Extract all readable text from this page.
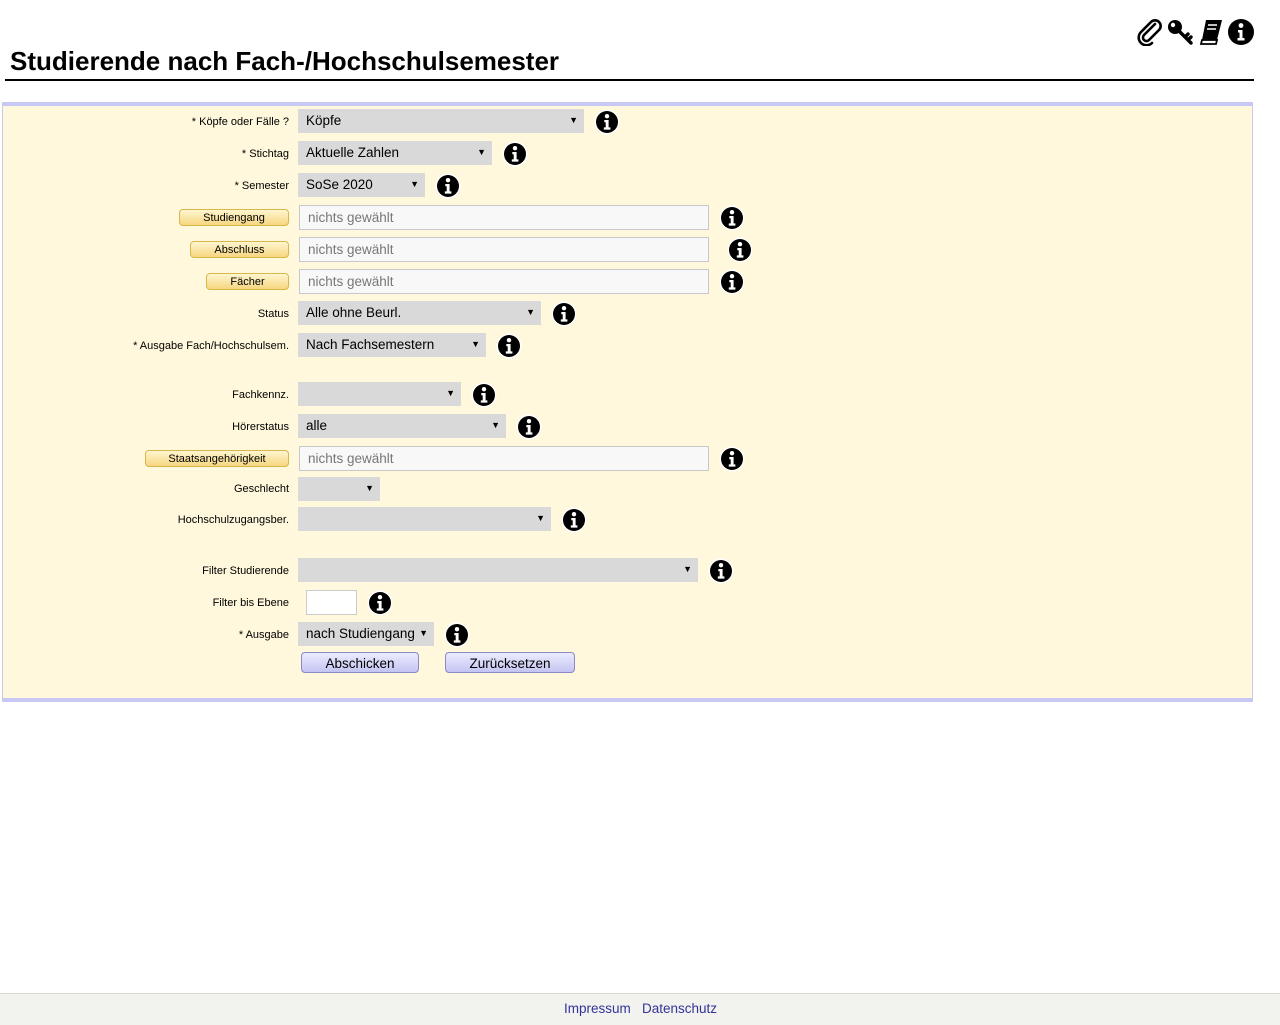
Studierende nach Fach-/Hochschulsemester
* Köpfe oder Fälle ?	Köpfe	▼
* Stichtag	Aktuelle Zahlen	▼
* Semester	SoSe 2020	▼
Studiengang	nichts gewählt
Abschluss	nichts gewählt
Fächer	nichts gewählt
Status	Alle ohne Beurl.	▼
* Ausgabe Fach/Hochschulsem.	Nach Fachsemestern	▼
Fachkennz.	▼
Hörerstatus	alle	▼
Staatsangehörigkeit	nichts gewählt
Geschlecht	▼
Hochschulzugangsber.	▼
Filter Studierende	▼
Filter bis Ebene
* Ausgabe	nach Studiengang ▼
Abschicken	Zurücksetzen
Impressum Datenschutz
